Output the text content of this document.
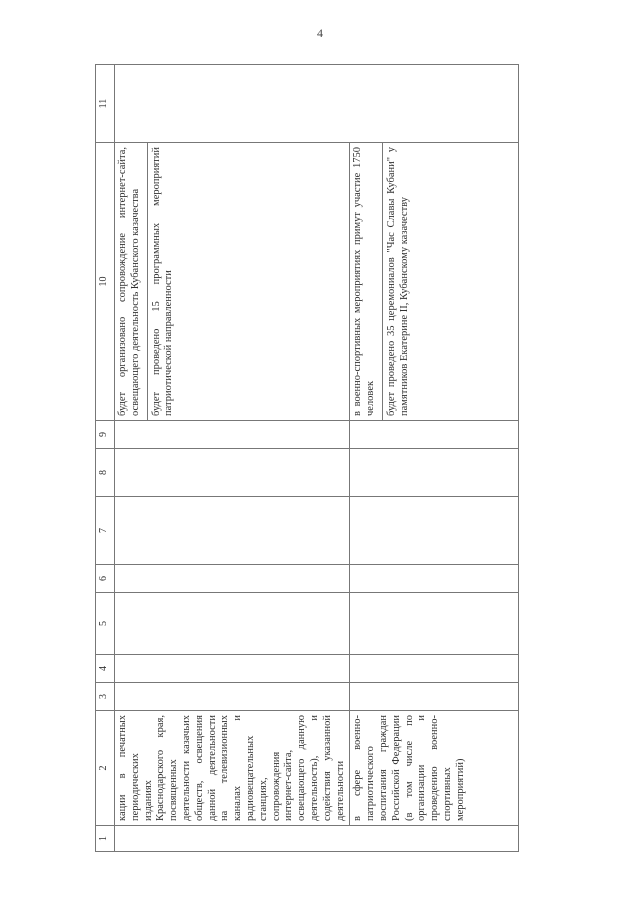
4
1	2	3	4	5	6	7	8	9	10	11
	кации в печатных периодических изданиях Краснодарского края, посвященных деятельности казачьих обществ, освещения данной деятельности на телевизионных каналах и радиовещательных станциях, сопровождения интернет-сайта, освещающего данную деятельность), и содействия указанной деятельности								будет организовано сопровождение интернет-сайта, освещающего деятельность Кубанского казачества будет проведено 15 программных мероприятий патриотической направленности	

	в сфере военно-патриотического воспитания граждан Российской Федерации (в том числе по организации и проведению военно-спортивных мероприятий)								в военно-спортивных мероприятиях примут участие 1750 человек будет проведено 35 церемониалов "Час Славы Кубани" у памятников Екатерине II, Кубанскому казачеству	
